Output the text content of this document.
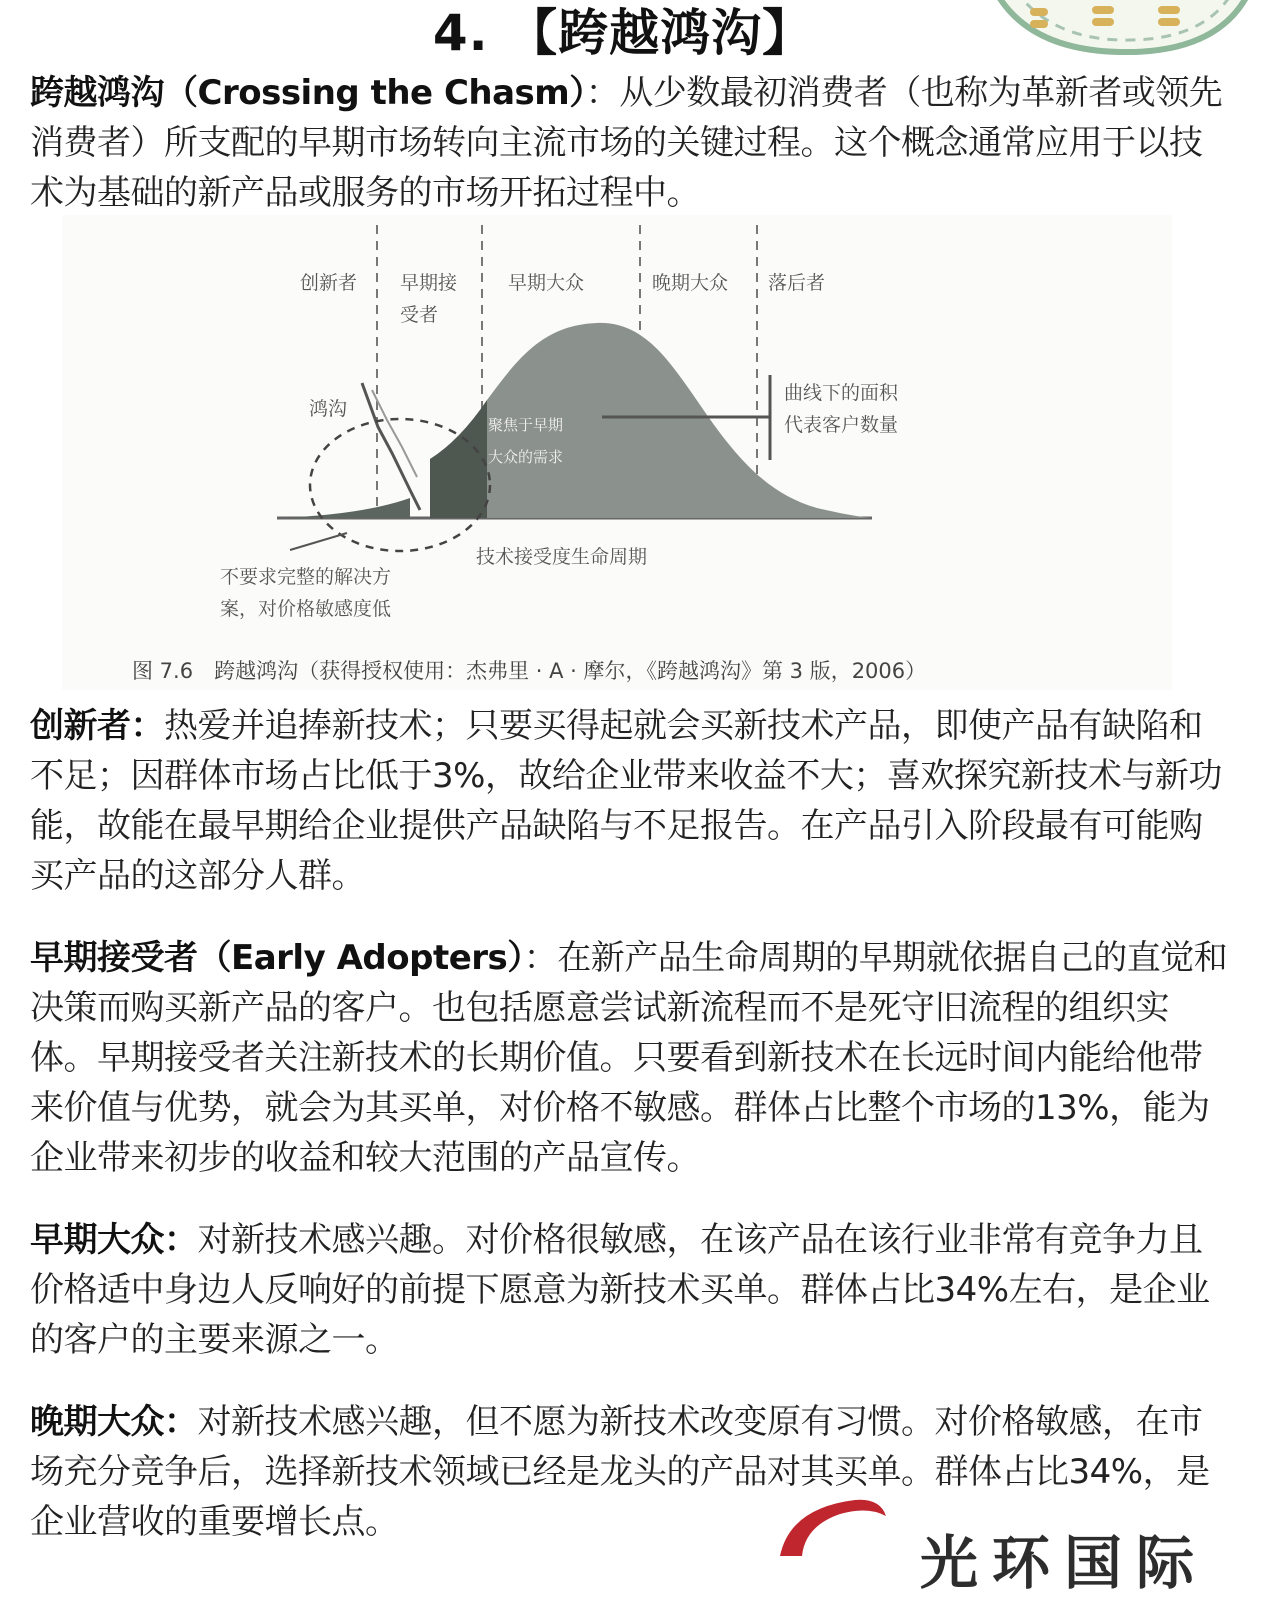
4. 【跨越鸿沟】

跨越鸿沟（Crossing the Chasm）：从少数最初消费者（也称为革新者或领先消费者）所支配的早期市场转向主流市场的关键过程。这个概念通常应用于以技术为基础的新产品或服务的市场开拓过程中。

创新者 早期接
受者
早期大众	晚期大众 落后者
鸿沟
聚焦于早期
大众的需求
曲线下的面积
代表客户数量
技术接受度生命周期
不要求完整的解决方
案，对价格敏感度低
图 7.6　跨越鸿沟（获得授权使用：杰弗里 · A · 摩尔，《跨越鸿沟》第 3 版，2006）

创新者：热爱并追捧新技术；只要买得起就会买新技术产品，即使产品有缺陷和不足；因群体市场占比低于3%，故给企业带来收益不大；喜欢探究新技术与新功能，故能在最早期给企业提供产品缺陷与不足报告。在产品引入阶段最有可能购买产品的这部分人群。

早期接受者（Early Adopters）：在新产品生命周期的早期就依据自己的直觉和决策而购买新产品的客户。也包括愿意尝试新流程而不是死守旧流程的组织实体。早期接受者关注新技术的长期价值。只要看到新技术在长远时间内能给他带来价值与优势，就会为其买单，对价格不敏感。群体占比整个市场的13%，能为企业带来初步的收益和较大范围的产品宣传。

早期大众：对新技术感兴趣。对价格很敏感，在该产品在该行业非常有竞争力且价格适中身边人反响好的前提下愿意为新技术买单。群体占比34%左右，是企业的客户的主要来源之一。

晚期大众：对新技术感兴趣，但不愿为新技术改变原有习惯。对价格敏感，在市场充分竞争后，选择新技术领域已经是龙头的产品对其买单。群体占比34%，是企业营收的重要增长点。

光环国际
